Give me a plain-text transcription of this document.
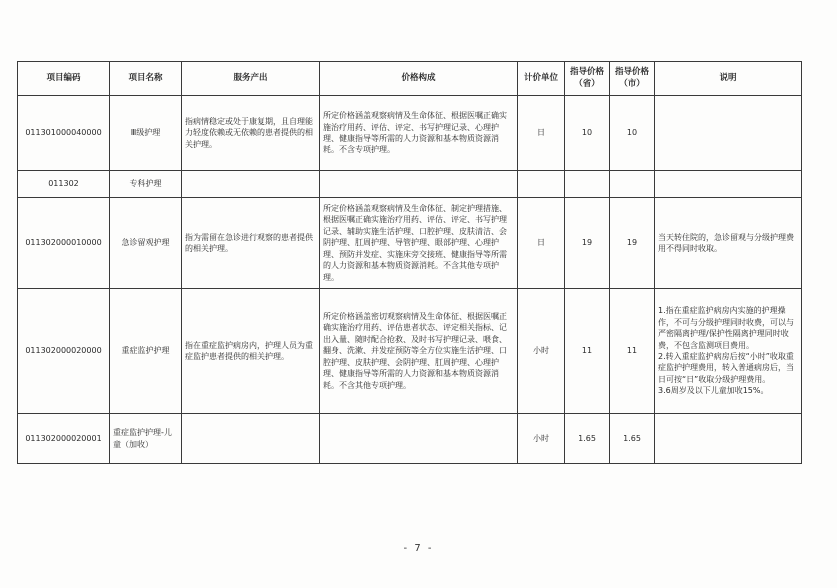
项目编码	项目名称	服务产出	价格构成	计价单位	指导价格（省）	指导价格（市）	说明
011301000040000	Ⅲ级护理	指病情稳定或处于康复期，且自理能力轻度依赖或无依赖的患者提供的相关护理。	所定价格涵盖观察病情及生命体征、根据医嘱正确实施治疗用药、评估、评定、书写护理记录、心理护理、健康指导等所需的人力资源和基本物质资源消耗。不含专项护理。	日	10	10	
011302	专科护理						
011302000010000	急诊留观护理	指为需留在急诊进行观察的患者提供的相关护理。	所定价格涵盖观察病情及生命体征、制定护理措施、根据医嘱正确实施治疗用药、评估、评定、书写护理记录、辅助实施生活护理、口腔护理、皮肤清洁、会阴护理、肛周护理、导管护理、眼部护理、心理护理、预防并发症、实施床旁交接班、健康指导等所需的人力资源和基本物质资源消耗。不含其他专项护理。	日	19	19	当天转住院的，急诊留观与分级护理费用不得同时收取。
011302000020000	重症监护护理	指在重症监护病房内，护理人员为重症监护患者提供的相关护理。	所定价格涵盖密切观察病情及生命体征、根据医嘱正确实施治疗用药、评估患者状态、评定相关指标、记出入量、随时配合抢救、及时书写护理记录、喂食、翻身、洗漱、并发症预防等全方位实施生活护理、口腔护理、皮肤护理、会阴护理、肛周护理、心理护理、健康指导等所需的人力资源和基本物质资源消耗。不含其他专项护理。	小时	11	11	1.指在重症监护病房内实施的护理操作，不可与分级护理同时收费，可以与严密隔离护理/保护性隔离护理同时收费，不包含监测项目费用。
2.转入重症监护病房后按“小时”收取重症监护护理费用，转入普通病房后，当日可按“日”收取分级护理费用。
3.6周岁及以下儿童加收15%。

011302000020001	重症监护护理-儿童（加收）			小时	1.65	1.65	
- 7 -
